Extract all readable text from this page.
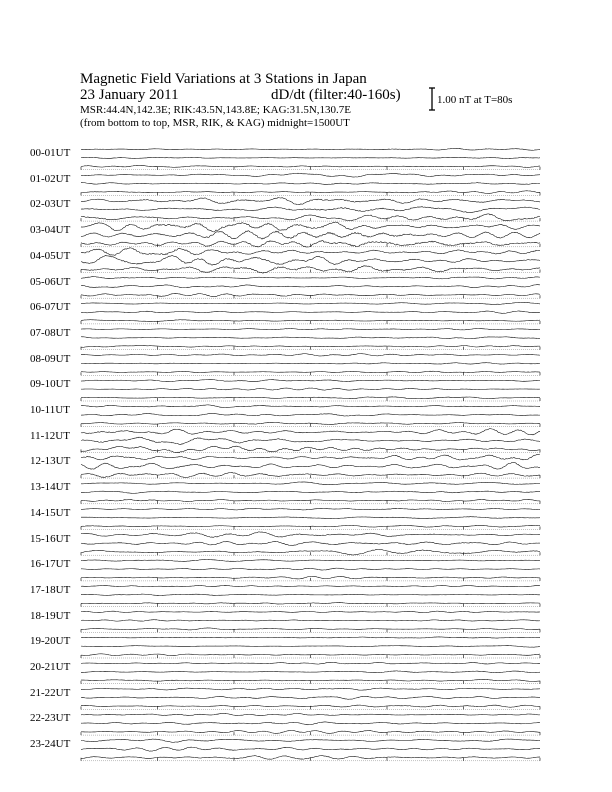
Magnetic Field Variations at 3 Stations in Japan
23 January 2011	dD/dt (filter:40-160s)
MSR:44.4N,142.3E; RIK:43.5N,143.8E; KAG:31.5N,130.7E
(from bottom to top, MSR, RIK, & KAG) midnight=1500UT
1.00 nT at T=80s
00-01UT
01-02UT
02-03UT
03-04UT
04-05UT
05-06UT
06-07UT
07-08UT
08-09UT
09-10UT
10-11UT
11-12UT
12-13UT
13-14UT
14-15UT
15-16UT
16-17UT
17-18UT
18-19UT
19-20UT
20-21UT
21-22UT
22-23UT
23-24UT
